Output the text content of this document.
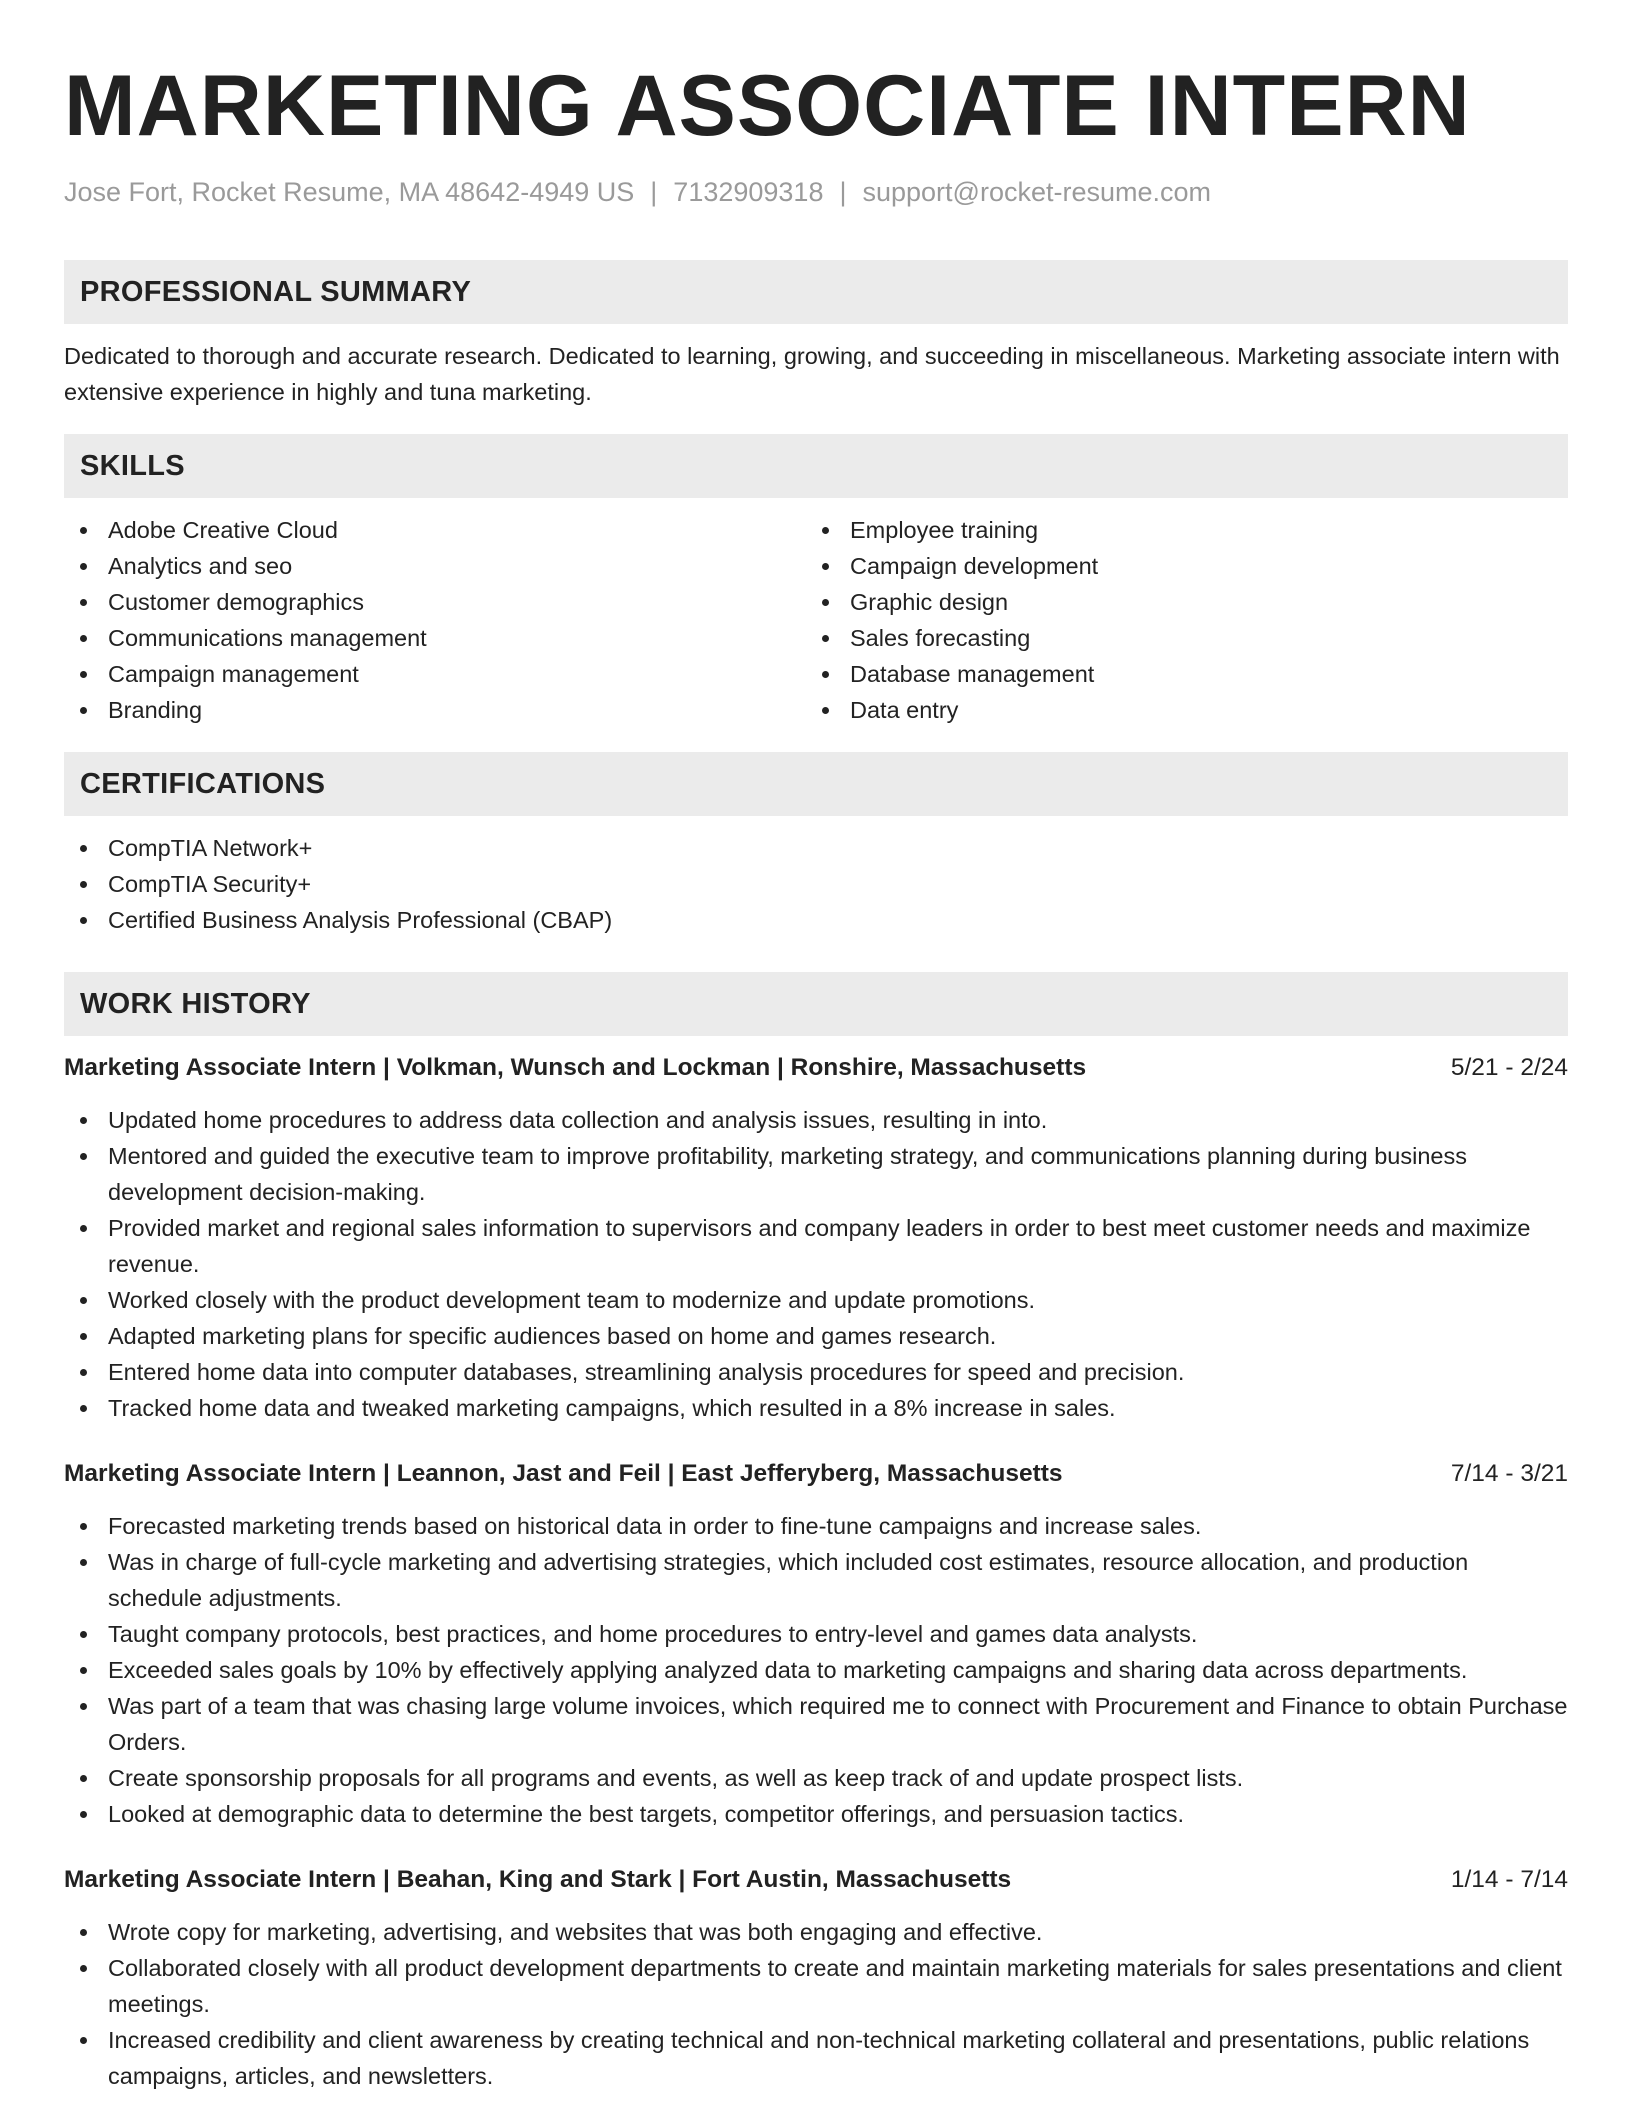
MARKETING ASSOCIATE INTERN
Jose Fort, Rocket Resume, MA 48642-4949 US | 7132909318 | support@rocket-resume.com
PROFESSIONAL SUMMARY
Dedicated to thorough and accurate research. Dedicated to learning, growing, and succeeding in miscellaneous. Marketing associate intern with extensive experience in highly and tuna marketing.
SKILLS
Adobe Creative Cloud
Analytics and seo
Customer demographics
Communications management
Campaign management
Branding
Employee training
Campaign development
Graphic design
Sales forecasting
Database management
Data entry
CERTIFICATIONS
CompTIA Network+
CompTIA Security+
Certified Business Analysis Professional (CBAP)
WORK HISTORY
Marketing Associate Intern | Volkman, Wunsch and Lockman | Ronshire, Massachusetts	5/21 - 2/24
Updated home procedures to address data collection and analysis issues, resulting in into.
Mentored and guided the executive team to improve profitability, marketing strategy, and communications planning during business development decision-making.
Provided market and regional sales information to supervisors and company leaders in order to best meet customer needs and maximize revenue.
Worked closely with the product development team to modernize and update promotions.
Adapted marketing plans for specific audiences based on home and games research.
Entered home data into computer databases, streamlining analysis procedures for speed and precision.
Tracked home data and tweaked marketing campaigns, which resulted in a 8% increase in sales.
Marketing Associate Intern | Leannon, Jast and Feil | East Jefferyberg, Massachusetts	7/14 - 3/21
Forecasted marketing trends based on historical data in order to fine-tune campaigns and increase sales.
Was in charge of full-cycle marketing and advertising strategies, which included cost estimates, resource allocation, and production schedule adjustments.
Taught company protocols, best practices, and home procedures to entry-level and games data analysts.
Exceeded sales goals by 10% by effectively applying analyzed data to marketing campaigns and sharing data across departments.
Was part of a team that was chasing large volume invoices, which required me to connect with Procurement and Finance to obtain Purchase Orders.
Create sponsorship proposals for all programs and events, as well as keep track of and update prospect lists.
Looked at demographic data to determine the best targets, competitor offerings, and persuasion tactics.
Marketing Associate Intern | Beahan, King and Stark | Fort Austin, Massachusetts	1/14 - 7/14
Wrote copy for marketing, advertising, and websites that was both engaging and effective.
Collaborated closely with all product development departments to create and maintain marketing materials for sales presentations and client meetings.
Increased credibility and client awareness by creating technical and non-technical marketing collateral and presentations, public relations campaigns, articles, and newsletters.
